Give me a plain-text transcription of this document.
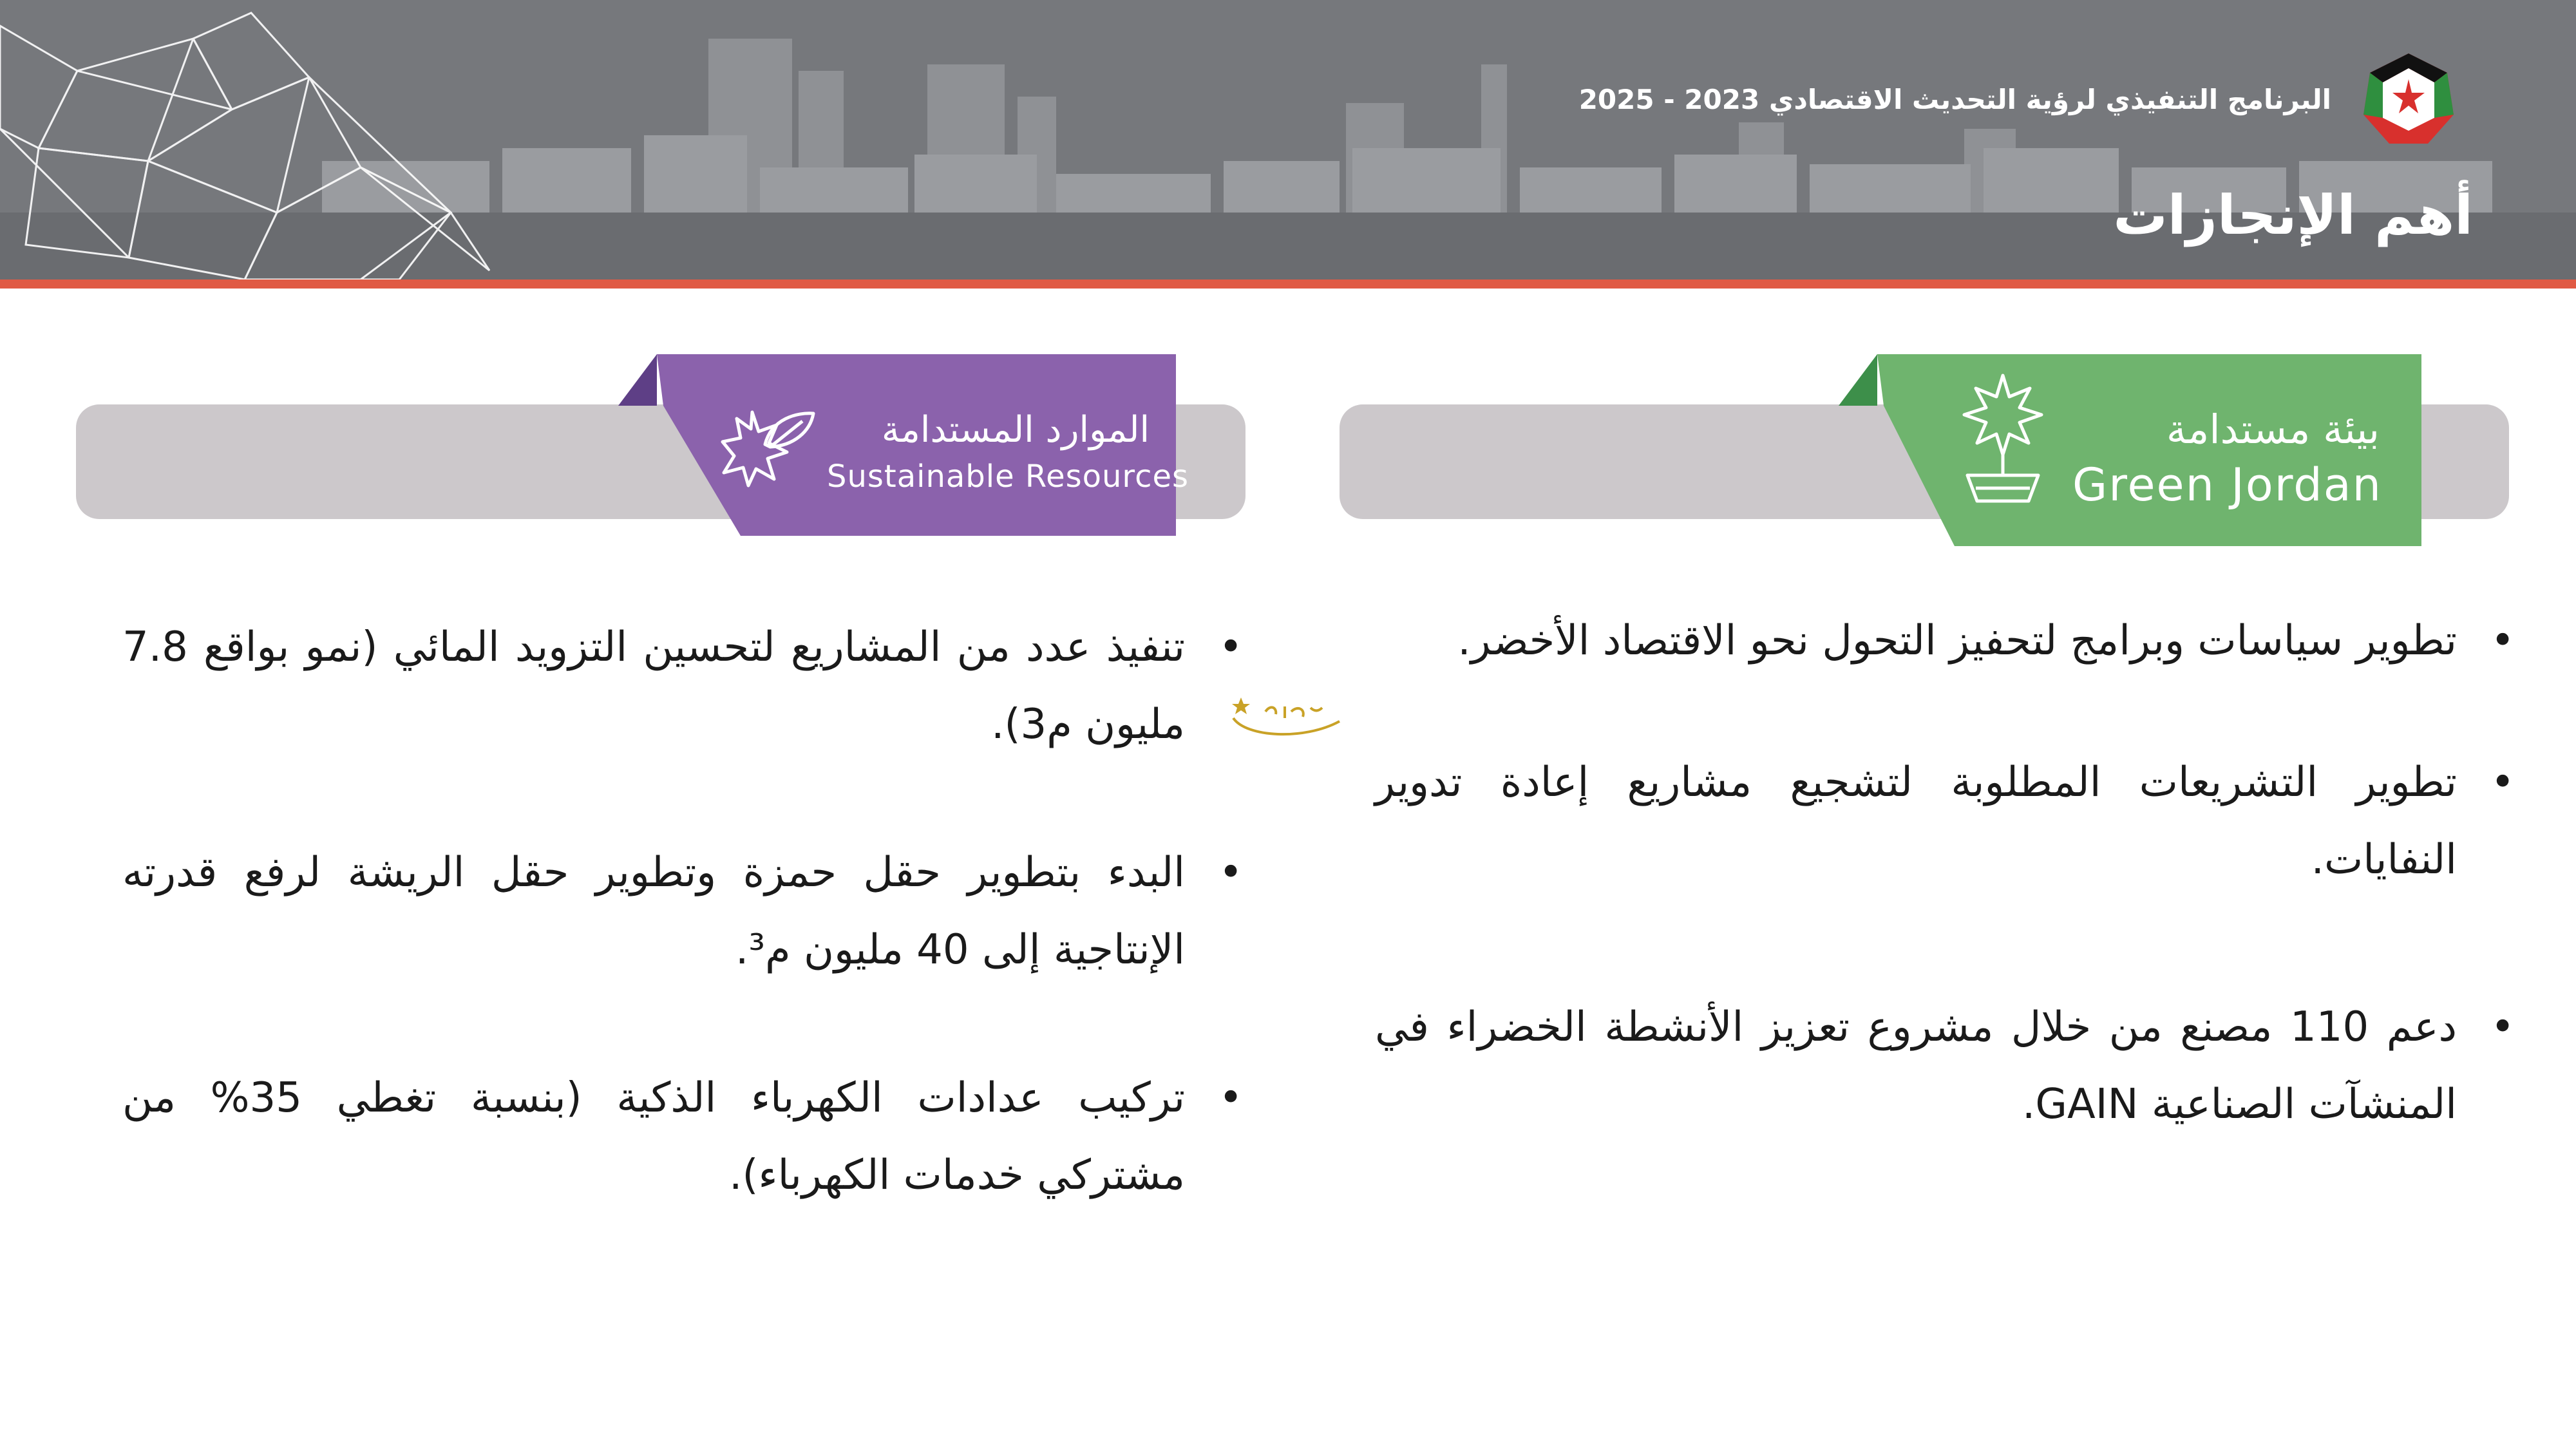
البرنامج التنفيذي لرؤية التحديث الاقتصادي 2023 - 2025
أهم الإنجازات
بيئة مستدامة
Green Jordan
الموارد المستدامة
Sustainable Resources
•
تطوير سياسات وبرامج لتحفيز التحول نحو الاقتصاد الأخضر.
•
تطوير التشريعات المطلوبة لتشجيع مشاريع إعادة تدوير النفايات.
•
دعم 110 مصنع من خلال مشروع تعزيز الأنشطة الخضراء في المنشآت الصناعية GAIN.
•
تنفيذ عدد من المشاريع لتحسين التزويد المائي (نمو بواقع 7.8 مليون م3).
•
البدء بتطوير حقل حمزة وتطوير حقل الريشة لرفع قدرته الإنتاجية إلى 40 مليون م³.
•
تركيب عدادات الكهرباء الذكية (بنسبة تغطي 35% من مشتركي خدمات الكهرباء).
